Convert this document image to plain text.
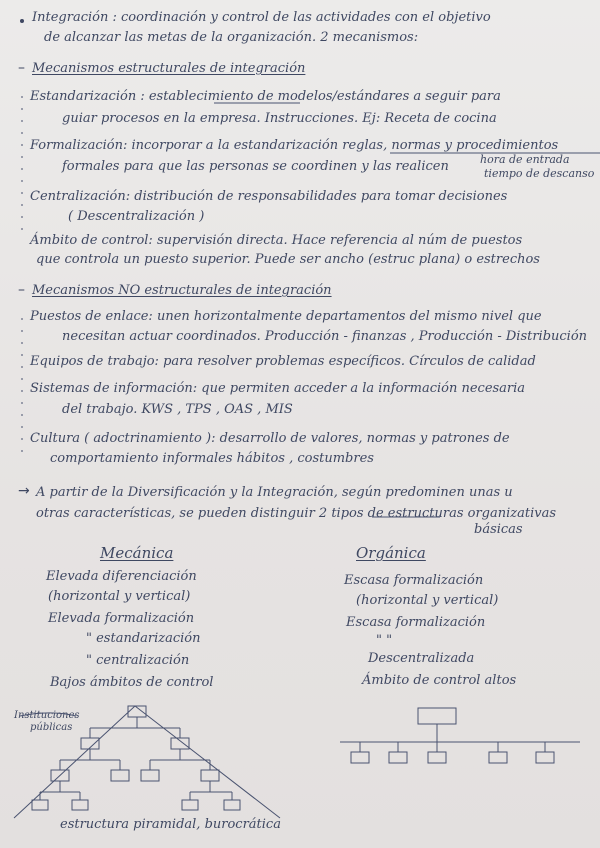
Integración : coordinación y control de las actividades con el objetivo
de alcanzar las metas de la organización. 2 mecanismos:
– Mecanismos estructurales de integración
Estandarización : establecimiento de modelos/estándares a seguir para
guiar procesos en la empresa. Instrucciones. Ej: Receta de cocina
Formalización: incorporar a la estandarización reglas, normas y procedimientos
formales para que las personas se coordinen y las realicen	hora de entrada
tiempo de descanso
Centralización: distribución de responsabilidades para tomar decisiones
( Descentralización )
Ámbito de control: supervisión directa. Hace referencia al núm de puestos
que controla un puesto superior. Puede ser ancho (estruc plana) o estrechos
– Mecanismos NO estructurales de integración
Puestos de enlace: unen horizontalmente departamentos del mismo nivel que
necesitan actuar coordinados. Producción - finanzas , Producción - Distribución
Equipos de trabajo: para resolver problemas específicos. Círculos de calidad
Sistemas de información: que permiten acceder a la información necesaria
del trabajo. KWS , TPS , OAS , MIS
Cultura ( adoctrinamiento ): desarrollo de valores, normas y patrones de
comportamiento informales hábitos , costumbres
→ A partir de la Diversificación y la Integración, según predominen unas u
otras características, se pueden distinguir 2 tipos de estructuras organizativas
básicas
Mecánica
Elevada diferenciación
(horizontal y vertical)
Elevada formalización
" estandarización
" centralización
Bajos ámbitos de control
Orgánica
Escasa formalización
(horizontal y vertical)
Escasa formalización
" "
Descentralizada
Ámbito de control altos
Instituciones
públicas
estructura piramidal, burocrática
